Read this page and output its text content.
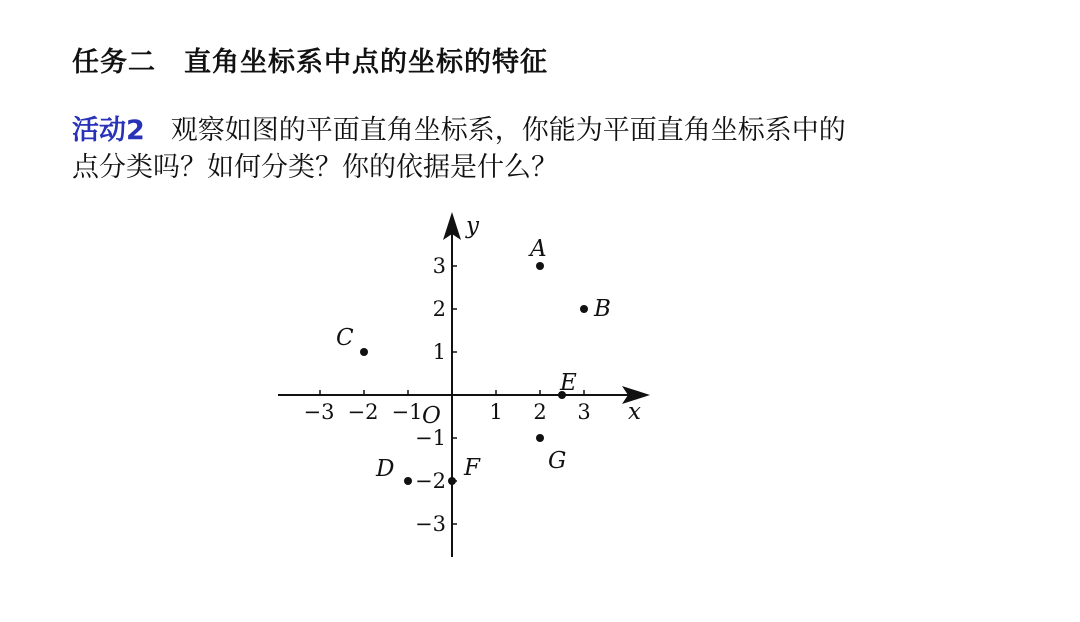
任务二　直角坐标系中点的坐标的特征
活动2 观察如图的平面直角坐标系，你能为平面直角坐标系中的
点分类吗？如何分类？你的依据是什么？
x
y
O
−3 −2 −1	1 2 3
3
2
1
−1
−2
−3
A
B
C
D
E
F	G
